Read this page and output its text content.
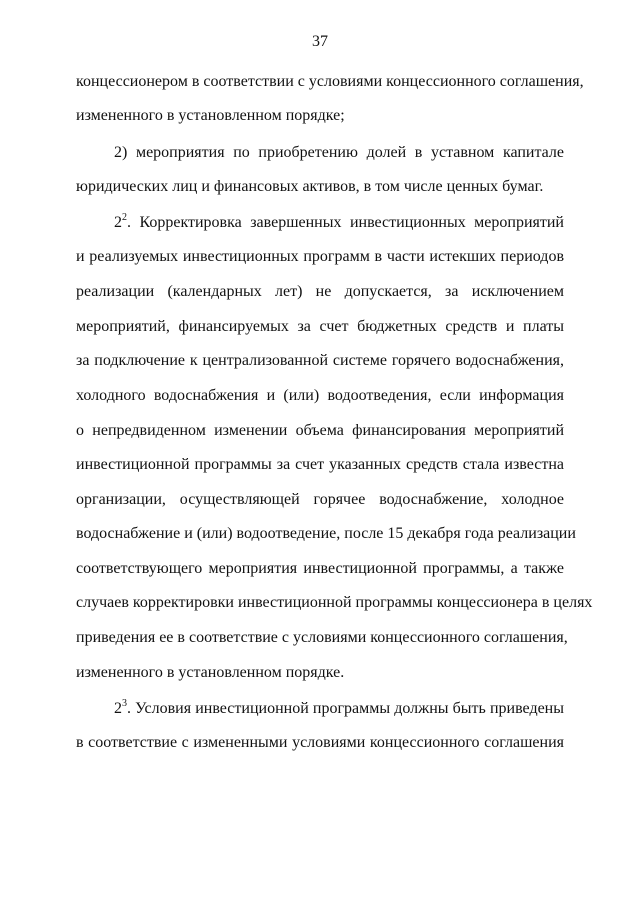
37
концессионером в соответствии с условиями концессионного соглашения,
измененного в установленном порядке;
2) мероприятия по приобретению долей в уставном капитале
юридических лиц и финансовых активов, в том числе ценных бумаг.
$2^2$. Корректировка завершенных инвестиционных мероприятий
и реализуемых инвестиционных программ в части истекших периодов
реализации (календарных лет) не допускается, за исключением
мероприятий, финансируемых за счет бюджетных средств и платы
за подключение к централизованной системе горячего водоснабжения,
холодного водоснабжения и (или) водоотведения, если информация
о непредвиденном изменении объема финансирования мероприятий
инвестиционной программы за счет указанных средств стала известна
организации, осуществляющей горячее водоснабжение, холодное
водоснабжение и (или) водоотведение, после 15 декабря года реализации
соответствующего мероприятия инвестиционной программы, а также
случаев корректировки инвестиционной программы концессионера в целях
приведения ее в соответствие с условиями концессионного соглашения,
измененного в установленном порядке.
$2^3$. Условия инвестиционной программы должны быть приведены
в соответствие с измененными условиями концессионного соглашения
